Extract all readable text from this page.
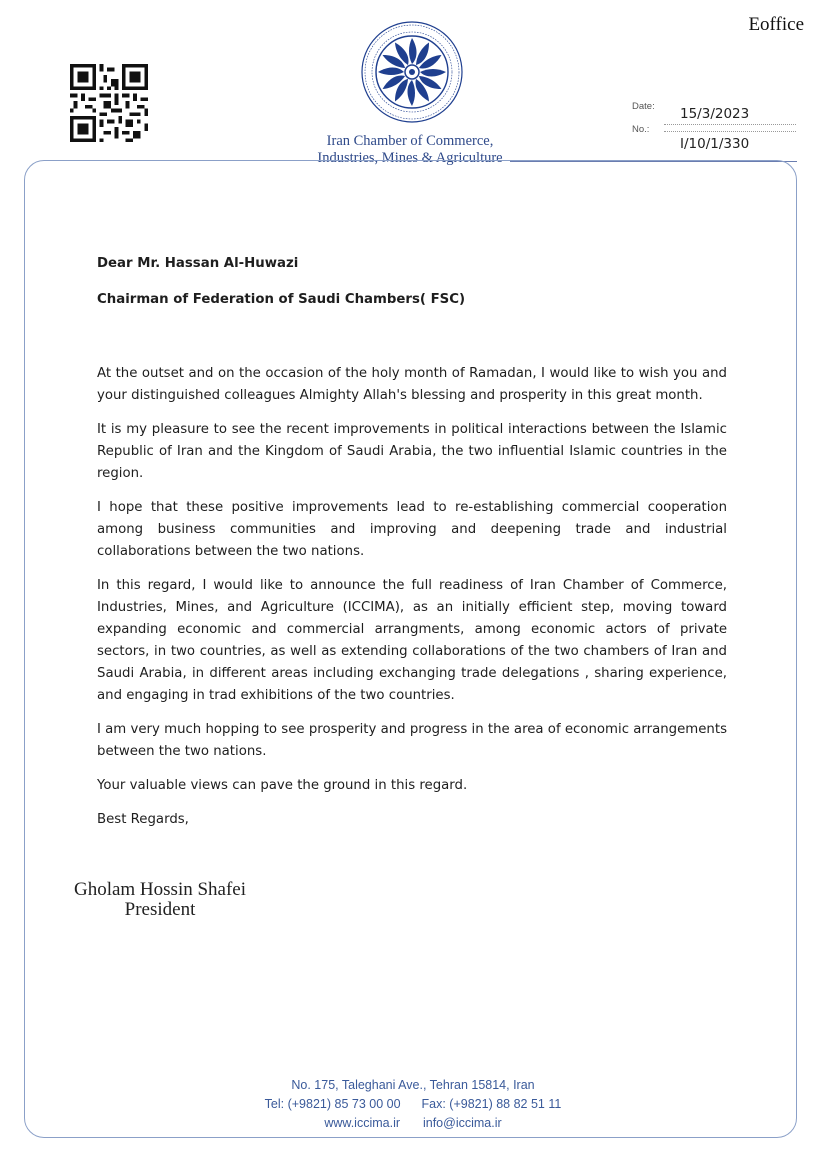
Eoffice
Iran Chamber of Commerce,
Industries, Mines & Agriculture
Date: 15/3/2023
No.:
I/10/1/330

Dear Mr. Hassan Al-Huwazi

Chairman of Federation of Saudi Chambers( FSC)

At the outset and on the occasion of the holy month of Ramadan, I would like to wish you and your distinguished colleagues Almighty Allah's blessing and prosperity in this great month.

It is my pleasure to see the recent improvements in political interactions between the Islamic Republic of Iran and the Kingdom of Saudi Arabia, the two influential Islamic countries in the region.

I hope that these positive improvements lead to re-establishing commercial cooperation among business communities and improving and deepening trade and industrial collaborations between the two nations.

In this regard, I would like to announce the full readiness of Iran Chamber of Commerce, Industries, Mines, and Agriculture (ICCIMA), as an initially efficient step, moving toward expanding economic and commercial arrangments, among economic actors of private sectors, in two countries, as well as extending collaborations of the two chambers of Iran and Saudi Arabia, in different areas including exchanging trade delegations , sharing experience, and engaging in trad exhibitions of the two countries.

I am very much hopping to see prosperity and progress in the area of economic arrangements between the two nations.

Your valuable views can pave the ground in this regard.

Best Regards,

Gholam Hossin Shafei
President
No. 175, Taleghani Ave., Tehran 15814, Iran
Tel: (+9821) 85 73 00 00 Fax: (+9821) 88 82 51 11
www.iccima.ir info@iccima.ir
